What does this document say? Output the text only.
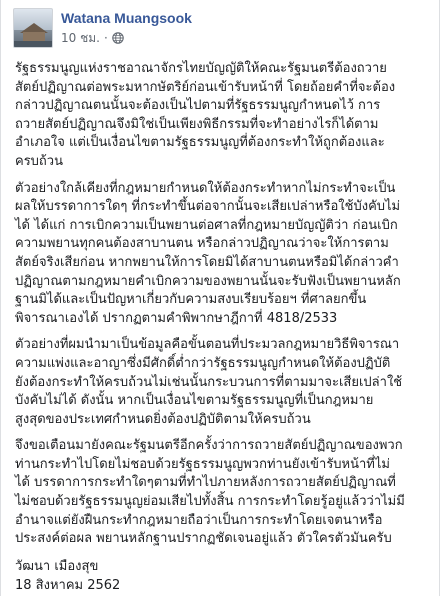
Watana Muangsook
10 ชม. ·

รัฐธรรมนูญแห่งราชอาณาจักรไทยบัญญัติให้คณะรัฐมนตรีต้องถวาย
สัตย์ปฏิญาณต่อพระมหากษัตริย์ก่อนเข้ารับหน้าที่ โดยถ้อยคำที่จะต้อง
กล่าวปฏิญาณตนนั้นจะต้องเป็นไปตามที่รัฐธรรมนูญกำหนดไว้ การ
ถวายสัตย์ปฏิญาณจึงมิใช่เป็นเพียงพิธีกรรมที่จะทำอย่างไรก็ได้ตาม
อำเภอใจ แต่เป็นเงื่อนไขตามรัฐธรรมนูญที่ต้องกระทำให้ถูกต้องและ
ครบถ้วน

ตัวอย่างใกล้เคียงที่กฎหมายกำหนดให้ต้องกระทำหากไม่กระทำจะเป็น
ผลให้บรรดาการใดๆ ที่กระทำขึ้นต่อจากนั้นจะเสียเปล่าหรือใช้บังคับไม่
ได้ ได้แก่ การเบิกความเป็นพยานต่อศาลที่กฎหมายบัญญัติว่า ก่อนเบิก
ความพยานทุกคนต้องสาบานตน หรือกล่าวปฏิญาณว่าจะให้การตาม
สัตย์จริงเสียก่อน หากพยานให้การโดยมิได้สาบานตนหรือมิได้กล่าวคำ
ปฏิญาณตามกฎหมายคำเบิกความของพยานนั้นจะรับฟังเป็นพยานหลัก
ฐานมิได้และเป็นปัญหาเกี่ยวกับความสงบเรียบร้อยฯ ที่ศาลยกขึ้น
พิจารณาเองได้ ปรากฏตามคำพิพากษาฎีกาที่ 4818/2533

ตัวอย่างที่ผมนำมาเป็นข้อมูลคือขั้นตอนที่ประมวลกฎหมายวิธีพิจารณา
ความแพ่งและอาญาซึ่งมีศักดิ์ต่ำกว่ารัฐธรรมนูญกำหนดให้ต้องปฏิบัติ
ยังต้องกระทำให้ครบถ้วนไม่เช่นนั้นกระบวนการที่ตามมาจะเสียเปล่าใช้
บังคับไม่ได้ ดังนั้น หากเป็นเงื่อนไขตามรัฐธรรมนูญที่เป็นกฎหมาย
สูงสุดของประเทศกำหนดยิ่งต้องปฏิบัติตามให้ครบถ้วน

จึงขอเตือนมายังคณะรัฐมนตรีอีกครั้งว่าการถวายสัตย์ปฏิญาณของพวก
ท่านกระทำไปโดยไม่ชอบด้วยรัฐธรรมนูญพวกท่านยังเข้ารับหน้าที่ไม่
ได้ บรรดาการกระทำใดๆตามที่ทำไปภายหลังการถวายสัตย์ปฏิญาณที่
ไม่ชอบด้วยรัฐธรรมนูญย่อมเสียไปทั้งสิ้น การกระทำโดยรู้อยู่แล้วว่าไม่มี
อำนาจแต่ยังฝืนกระทำกฎหมายถือว่าเป็นการกระทำโดยเจตนาหรือ
ประสงค์ต่อผล พยานหลักฐานปรากฏชัดเจนอยู่แล้ว ตัวใครตัวมันครับ

วัฒนา เมืองสุข
18 สิงหาคม 2562
